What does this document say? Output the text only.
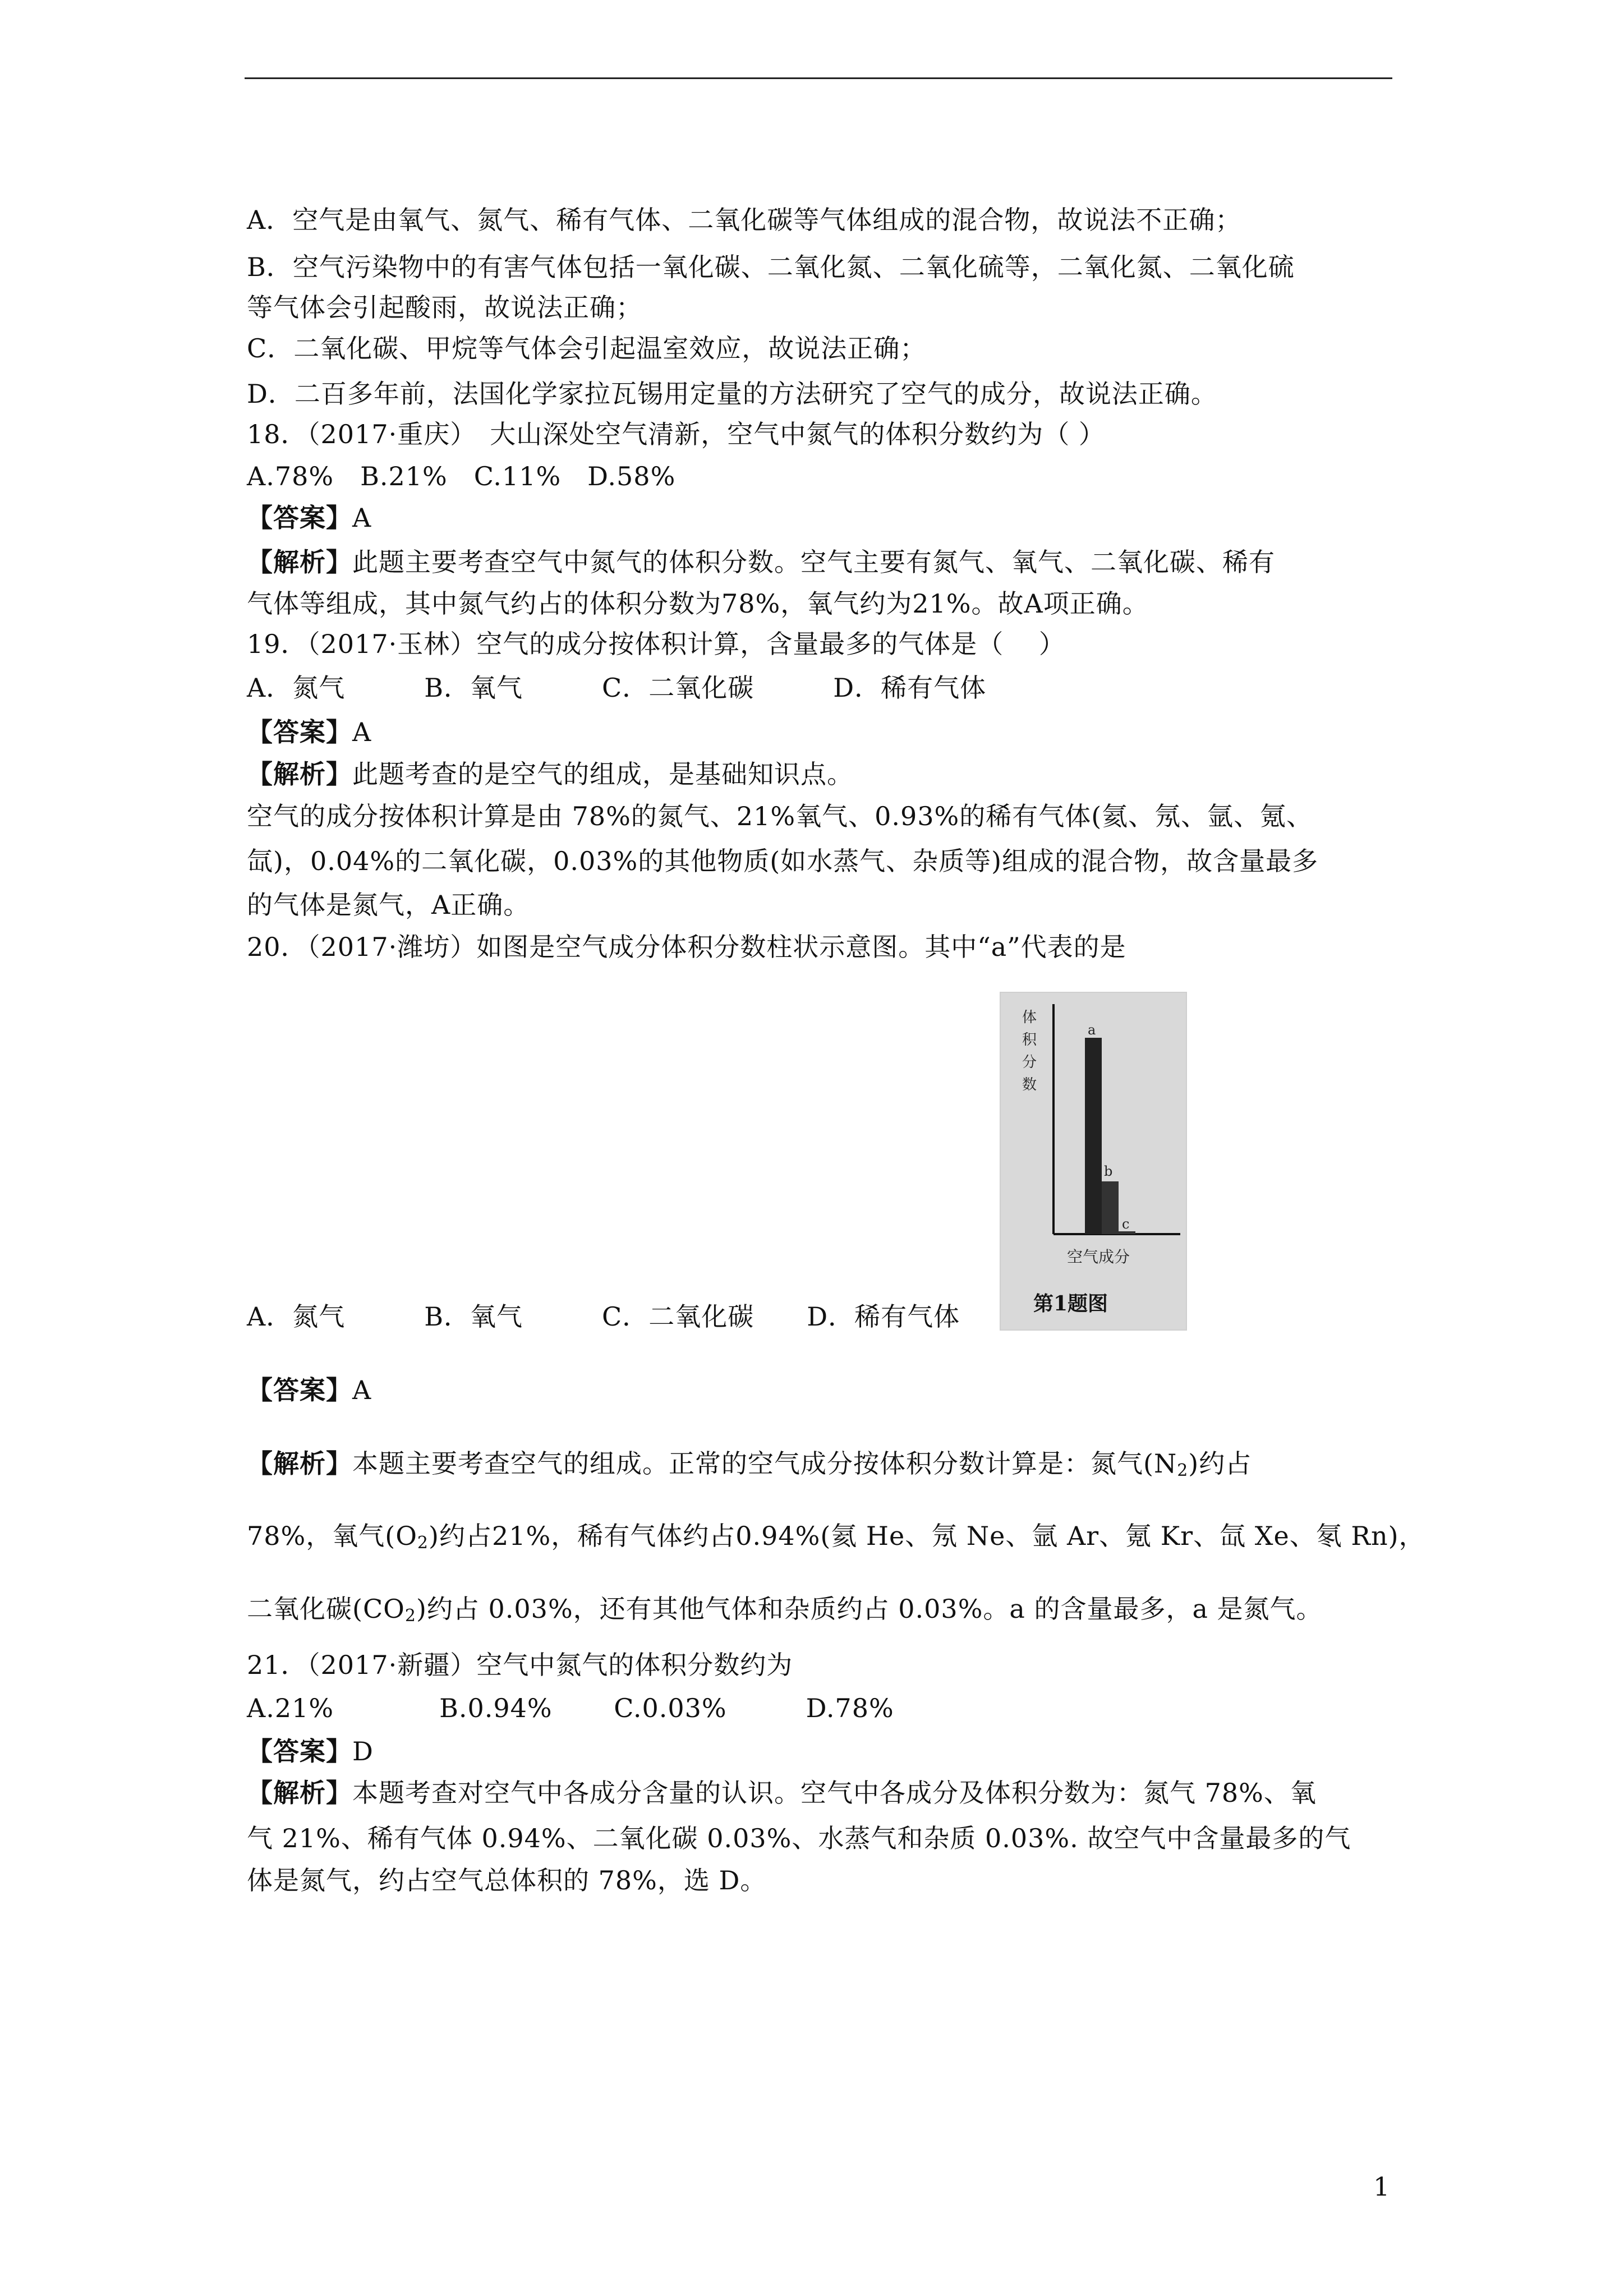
A．空气是由氧气、氮气、稀有气体、二氧化碳等气体组成的混合物，故说法不正确；
B．空气污染物中的有害气体包括一氧化碳、二氧化氮、二氧化硫等，二氧化氮、二氧化硫
等气体会引起酸雨，故说法正确；
C．二氧化碳、甲烷等气体会引起温室效应，故说法正确；
D．二百多年前，法国化学家拉瓦锡用定量的方法研究了空气的成分，故说法正确。
18．（2017·重庆）　大山深处空气清新，空气中氮气的体积分数约为（ ）
A.78%　B.21%　C.11%　D.58%
【答案】A
【解析】此题主要考查空气中氮气的体积分数。空气主要有氮气、氧气、二氧化碳、稀有
气体等组成，其中氮气约占的体积分数为78%，氧气约为21%。故A项正确。
19．（2017·玉林）空气的成分按体积计算，含量最多的气体是（　 ）
A．氮气　　　B．氧气　　　C．二氧化碳　　　D．稀有气体
【答案】A
【解析】此题考查的是空气的组成，是基础知识点。
空气的成分按体积计算是由 78%的氮气、21%氧气、0.93%的稀有气体(氦、氖、氩、氪、
氙)，0.04%的二氧化碳，0.03%的其他物质(如水蒸气、杂质等)组成的混合物，故含量最多
的气体是氮气，A正确。
20．（2017·潍坊）如图是空气成分体积分数柱状示意图。其中“a”代表的是
体
积
分
数
a
b
c
空气成分
第1题图
A．氮气　　　B．氧气　　　C．二氧化碳　　D．稀有气体
【答案】A
【解析】本题主要考查空气的组成。正常的空气成分按体积分数计算是：氮气$(N_2)$约占
78%，氧气$(O_2)$约占21%，稀有气体约占0.94%(氦 He、氖 Ne、氩 Ar、氪 Kr、氙 Xe、氡 Rn)，
二氧化碳$(CO_2)$约占 0.03%，还有其他气体和杂质约占 0.03%。a 的含量最多，a 是氮气。
21．（2017·新疆）空气中氮气的体积分数约为
A.21%　　　　B.0.94%　　 C.0.03%　　　D.78%
【答案】D
【解析】本题考查对空气中各成分含量的认识。空气中各成分及体积分数为：氮气 78%、氧
气 21%、稀有气体 0.94%、二氧化碳 0.03%、水蒸气和杂质 0.03%. 故空气中含量最多的气
体是氮气，约占空气总体积的 78%，选 D。
1
